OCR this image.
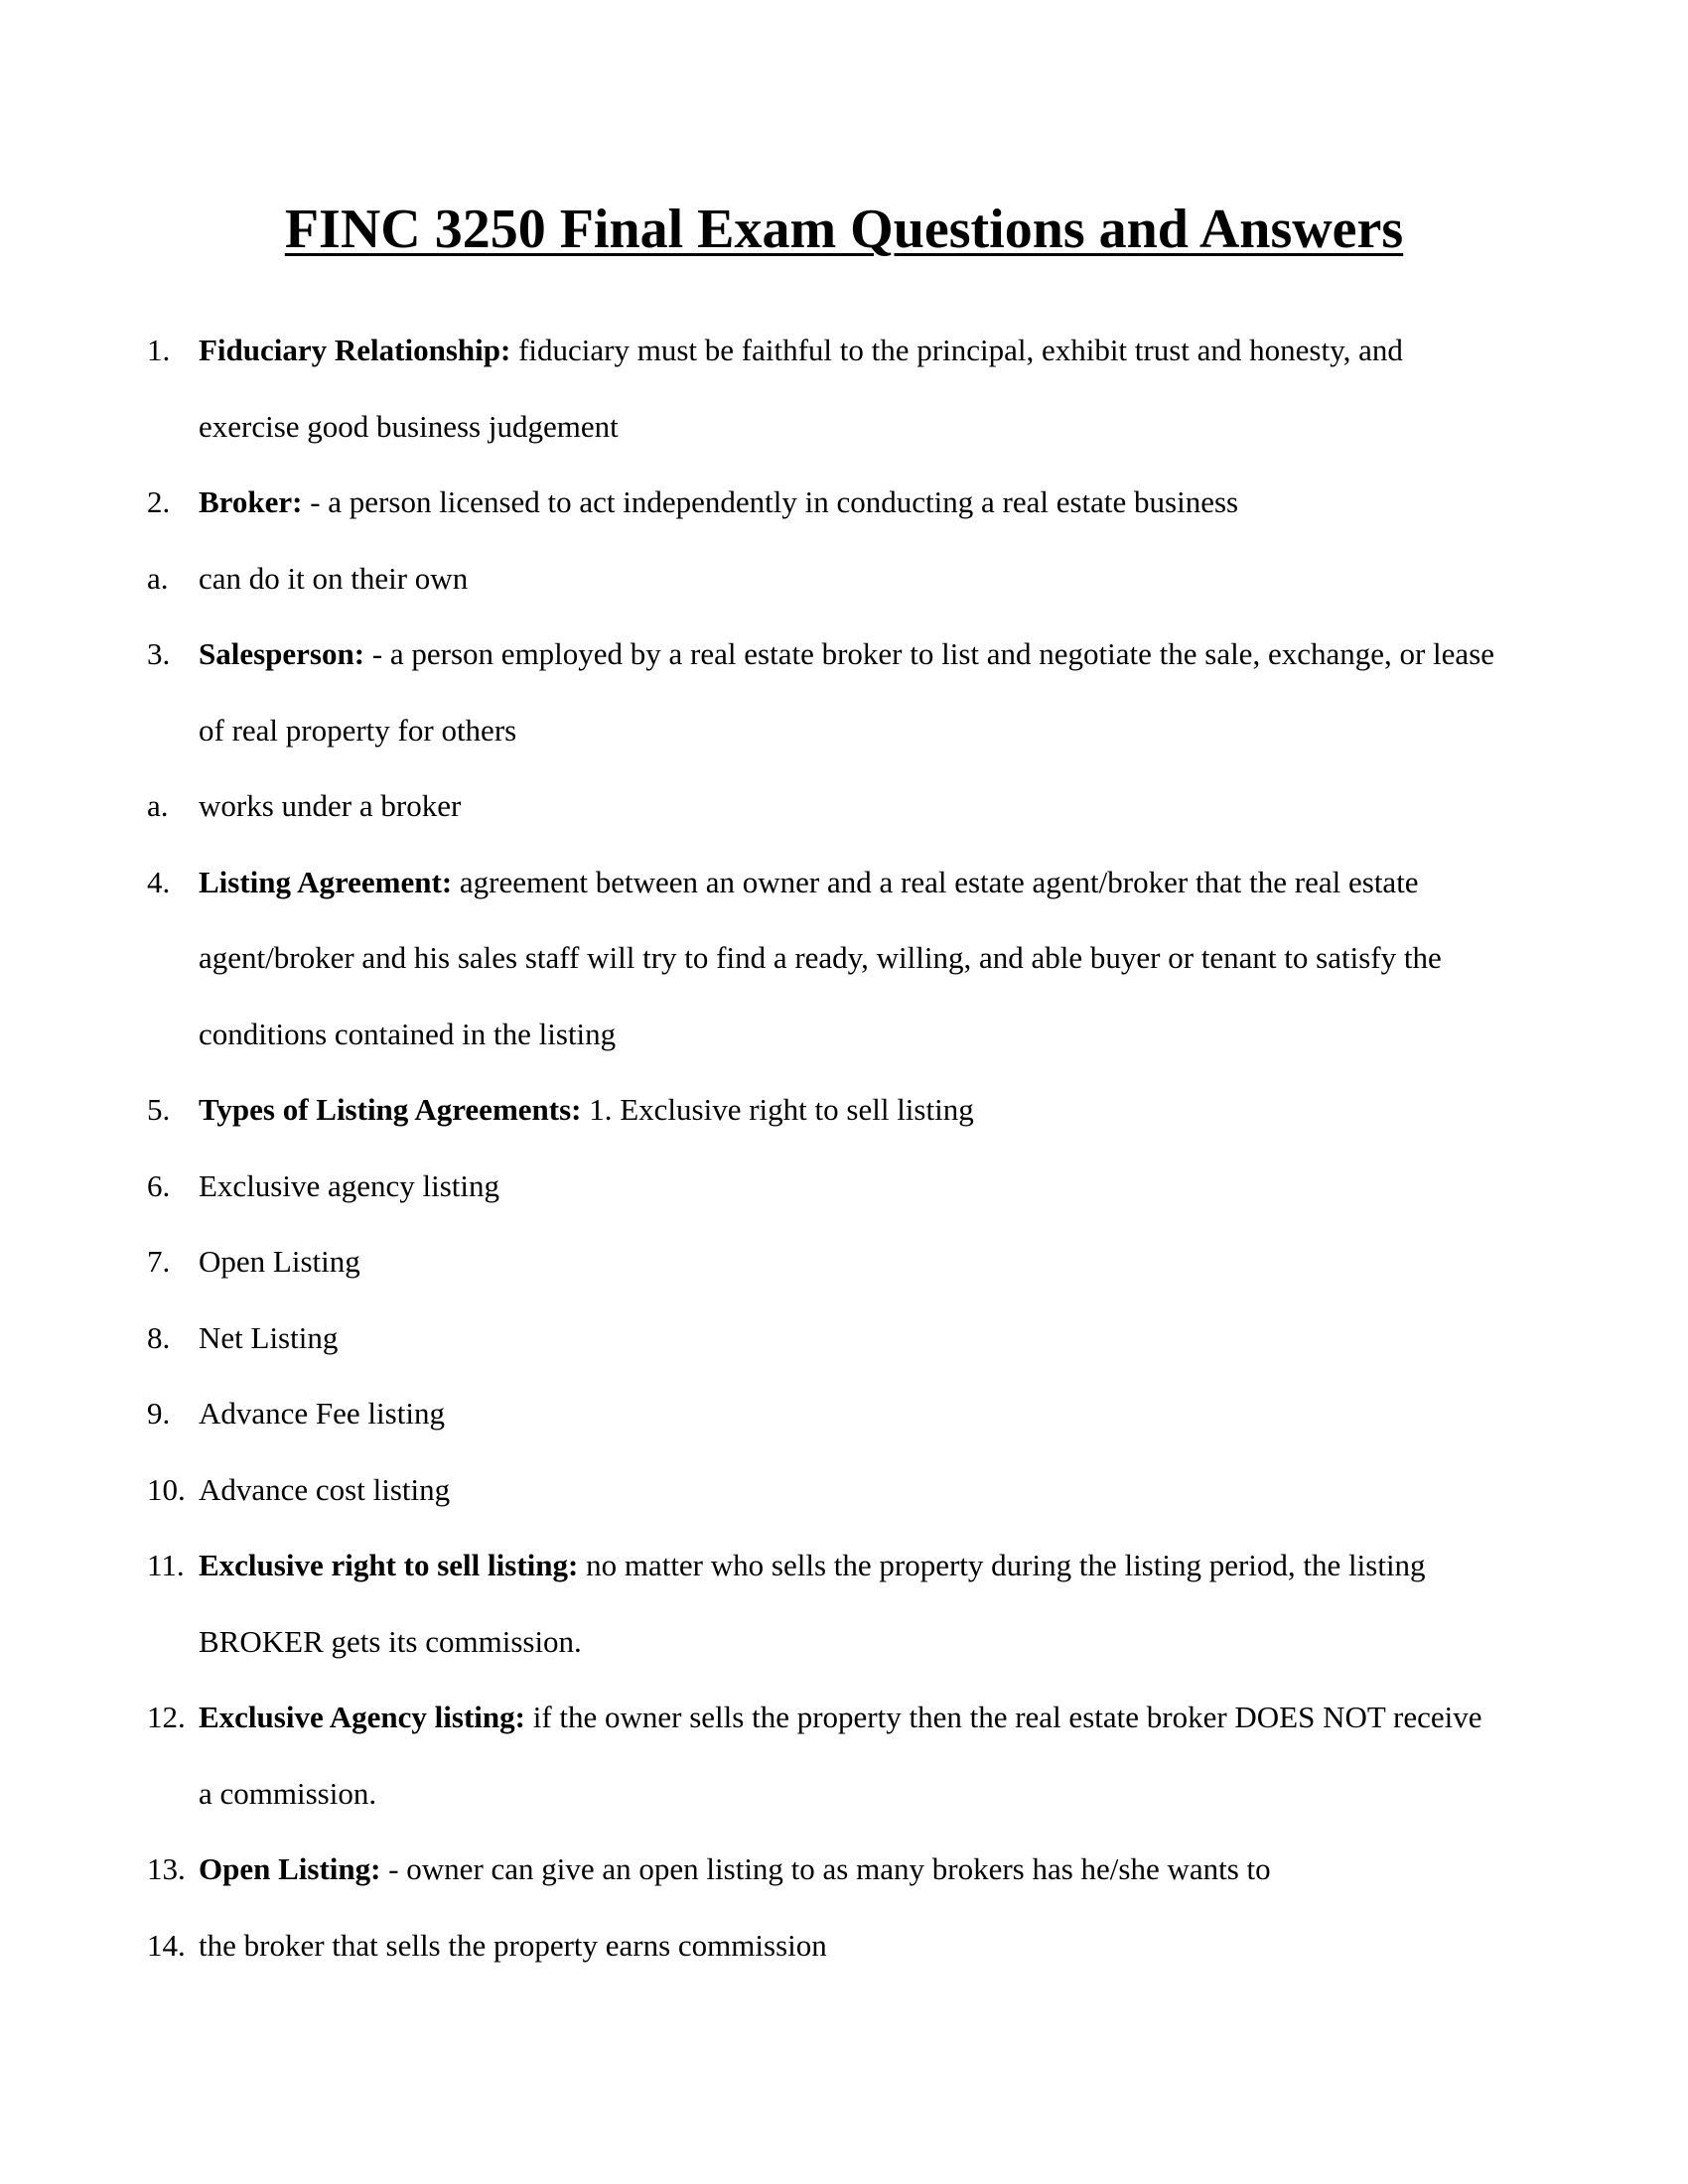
FINC 3250 Final Exam Questions and Answers
1. Fiduciary Relationship: fiduciary must be faithful to the principal, exhibit trust and honesty, and exercise good business judgement
2. Broker: - a person licensed to act independently in conducting a real estate business
a. can do it on their own
3. Salesperson: - a person employed by a real estate broker to list and negotiate the sale, exchange, or lease of real property for others
a. works under a broker
4. Listing Agreement: agreement between an owner and a real estate agent/broker that the real estate agent/broker and his sales staff will try to find a ready, willing, and able buyer or tenant to satisfy the conditions contained in the listing
5. Types of Listing Agreements: 1. Exclusive right to sell listing
6. Exclusive agency listing
7. Open Listing
8. Net Listing
9. Advance Fee listing
10. Advance cost listing
11. Exclusive right to sell listing: no matter who sells the property during the listing period, the listing BROKER gets its commission.
12. Exclusive Agency listing: if the owner sells the property then the real estate broker DOES NOT receive a commission.
13. Open Listing: - owner can give an open listing to as many brokers has he/she wants to
14. the broker that sells the property earns commission
